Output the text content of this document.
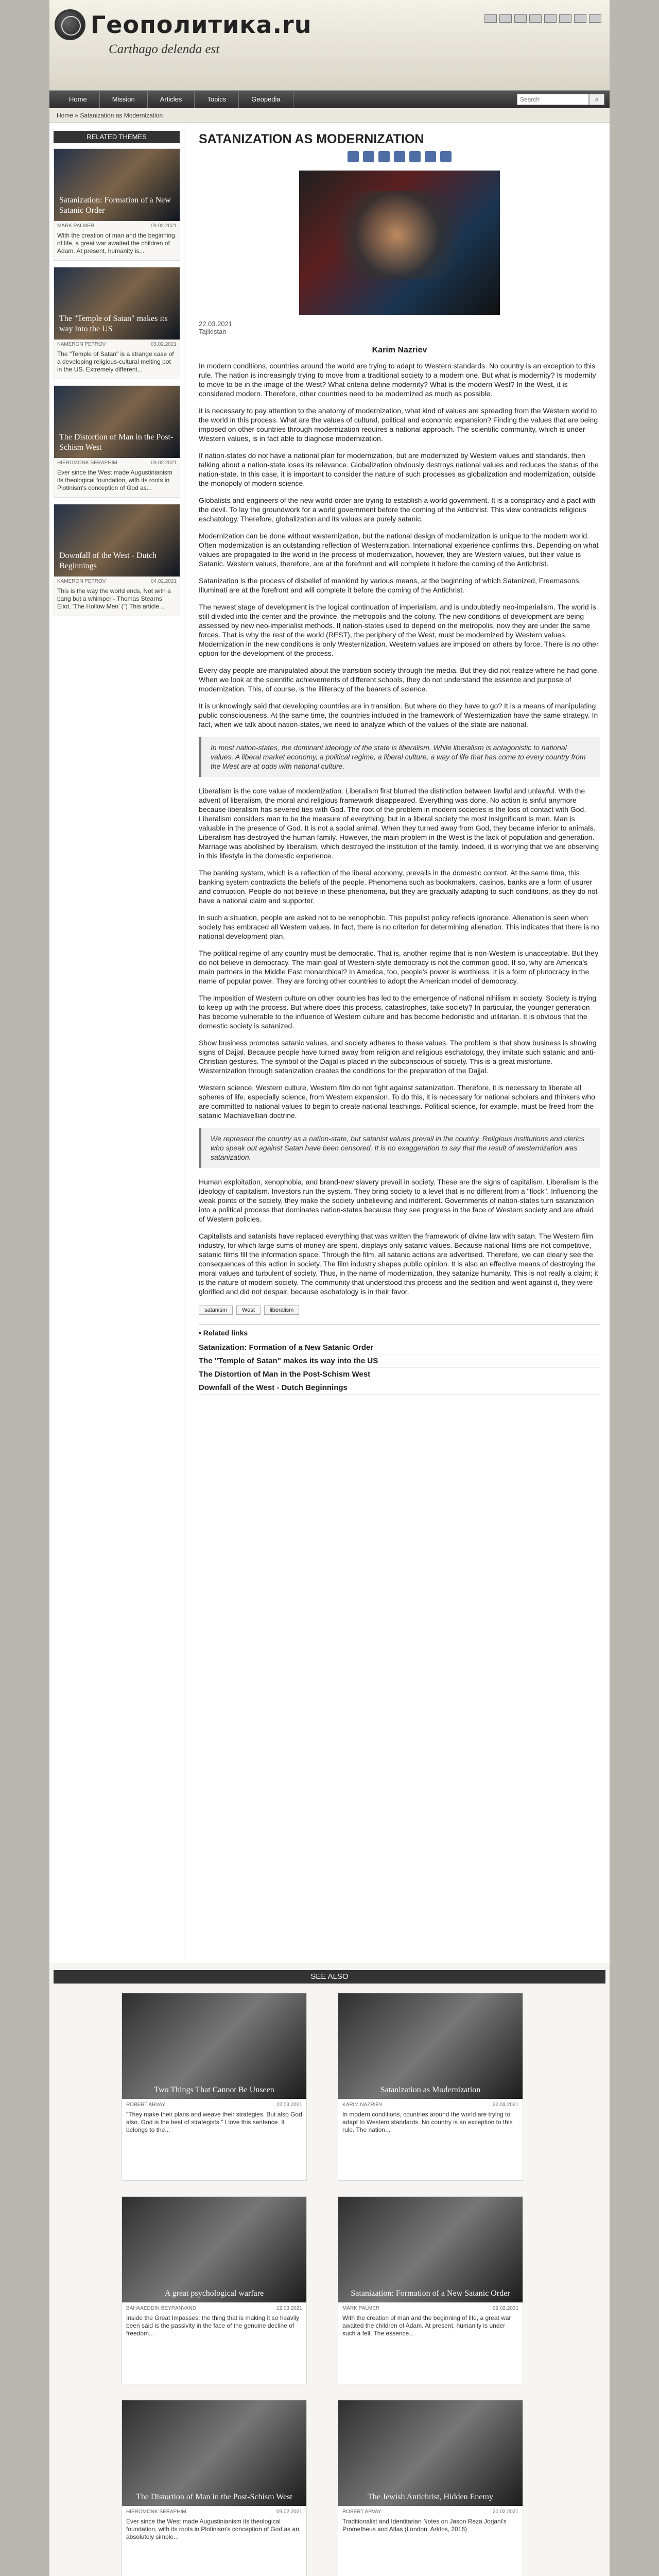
Геополитика.ru
Carthago delenda est
Home	Mission	Articles	Topics	Geopedia
Search	⌕
Home » Satanization as Modernization
RELATED THEMES
Satanization: Formation of a New Satanic Order
MARK PALMER	09.02.2021
With the creation of man and the beginning of life, a great war awaited the children of Adam. At present, humanity is...
The "Temple of Satan" makes its way into the US
KAMERON PETROV	03.02.2021
The "Temple of Satan" is a strange case of a developing religious-cultural melting pot in the US. Extremely different...
The Distortion of Man in the Post-Schism West
HIEROMONK SERAPHIM	09.02.2021
Ever since the West made Augustinianism its theological foundation, with its roots in Plotinism's conception of God as...
Downfall of the West - Dutch Beginnings
KAMERON PETROV	04.02.2021
This is the way the world ends, Not with a bang but a whimper - Thomas Stearns Eliot. 'The Hollow Men' (") This article...
SATANIZATION AS MODERNIZATION
22.03.2021
Tajikistan
Karim Nazriev

In modern conditions, countries around the world are trying to adapt to Western standards. No country is an exception to this rule. The nation is increasingly trying to move from a traditional society to a modern one. But what is modernity? Is modernity to move to be in the image of the West? What criteria define modernity? What is the modern West? In the West, it is considered modern. Therefore, other countries need to be modernized as much as possible.

It is necessary to pay attention to the anatomy of modernization, what kind of values are spreading from the Western world to the world in this process. What are the values of cultural, political and economic expansion? Finding the values that are being imposed on other countries through modernization requires a national approach. The scientific community, which is under Western values, is in fact able to diagnose modernization.

If nation-states do not have a national plan for modernization, but are modernized by Western values and standards, then talking about a nation-state loses its relevance. Globalization obviously destroys national values and reduces the status of the nation-state. In this case, it is important to consider the nature of such processes as globalization and modernization, outside the monopoly of modern science.

Globalists and engineers of the new world order are trying to establish a world government. It is a conspiracy and a pact with the devil. To lay the groundwork for a world government before the coming of the Antichrist. This view contradicts religious eschatology. Therefore, globalization and its values are purely satanic.

Modernization can be done without westernization, but the national design of modernization is unique to the modern world. Often modernization is an outstanding reflection of Westernization. International experience confirms this. Depending on what values are propagated to the world in the process of modernization, however, they are Western values, but their value is Satanic. Western values, therefore, are at the forefront and will complete it before the coming of the Antichrist.

Satanization is the process of disbelief of mankind by various means, at the beginning of which Satanized, Freemasons, Illuminati are at the forefront and will complete it before the coming of the Antichrist.

The newest stage of development is the logical continuation of imperialism, and is undoubtedly neo-imperialism. The world is still divided into the center and the province, the metropolis and the colony. The new conditions of development are being assessed by new neo-imperialist methods. If nation-states used to depend on the metropolis, now they are under the same forces. That is why the rest of the world (REST), the periphery of the West, must be modernized by Western values. Modernization in the new conditions is only Westernization. Western values are imposed on others by force. There is no other option for the development of the process.

Every day people are manipulated about the transition society through the media. But they did not realize where he had gone. When we look at the scientific achievements of different schools, they do not understand the essence and purpose of modernization. This, of course, is the illiteracy of the bearers of science.

It is unknowingly said that developing countries are in transition. But where do they have to go? It is a means of manipulating public consciousness. At the same time, the countries included in the framework of Westernization have the same strategy. In fact, when we talk about nation-states, we need to analyze which of the values of the state are national.

In most nation-states, the dominant ideology of the state is liberalism. While liberalism is antagonistic to national values. A liberal market economy, a political regime, a liberal culture, a way of life that has come to every country from the West are at odds with national culture.

Liberalism is the core value of modernization. Liberalism first blurred the distinction between lawful and unlawful. With the advent of liberalism, the moral and religious framework disappeared. Everything was done. No action is sinful anymore because liberalism has severed ties with God. The root of the problem in modern societies is the loss of contact with God. Liberalism considers man to be the measure of everything, but in a liberal society the most insignificant is man. Man is valuable in the presence of God. It is not a social animal. When they turned away from God, they became inferior to animals. Liberalism has destroyed the human family. However, the main problem in the West is the lack of population and generation. Marriage was abolished by liberalism, which destroyed the institution of the family. Indeed, it is worrying that we are observing in this lifestyle in the domestic experience.

The banking system, which is a reflection of the liberal economy, prevails in the domestic context. At the same time, this banking system contradicts the beliefs of the people. Phenomena such as bookmakers, casinos, banks are a form of usurer and corruption. People do not believe in these phenomena, but they are gradually adapting to such conditions, as they do not have a national claim and supporter.

In such a situation, people are asked not to be xenophobic. This populist policy reflects ignorance. Alienation is seen when society has embraced all Western values. In fact, there is no criterion for determining alienation. This indicates that there is no national development plan.

The political regime of any country must be democratic. That is, another regime that is non-Western is unacceptable. But they do not believe in democracy. The main goal of Western-style democracy is not the common good. If so, why are America's main partners in the Middle East monarchical? In America, too, people's power is worthless. It is a form of plutocracy in the name of popular power. They are forcing other countries to adopt the American model of democracy.

The imposition of Western culture on other countries has led to the emergence of national nihilism in society. Society is trying to keep up with the process. But where does this process, catastrophes, take society? In particular, the younger generation has become vulnerable to the influence of Western culture and has become hedonistic and utilitarian. It is obvious that the domestic society is satanized.

Show business promotes satanic values, and society adheres to these values. The problem is that show business is showing signs of Dajjal. Because people have turned away from religion and religious eschatology, they imitate such satanic and anti-Christian gestures. The symbol of the Dajjal is placed in the subconscious of society. This is a great misfortune. Westernization through satanization creates the conditions for the preparation of the Dajjal.

Western science, Western culture, Western film do not fight against satanization. Therefore, it is necessary to liberate all spheres of life, especially science, from Western expansion. To do this, it is necessary for national scholars and thinkers who are committed to national values to begin to create national teachings. Political science, for example, must be freed from the satanic Machiavellian doctrine.

We represent the country as a nation-state, but satanist values prevail in the country. Religious institutions and clerics who speak out against Satan have been censored. It is no exaggeration to say that the result of westernization was satanization.

Human exploitation, xenophobia, and brand-new slavery prevail in society. These are the signs of capitalism. Liberalism is the ideology of capitalism. Investors run the system. They bring society to a level that is no different from a "flock". Influencing the weak points of the society, they make the society unbelieving and indifferent. Governments of nation-states turn satanization into a political process that dominates nation-states because they see progress in the face of Western society and are afraid of Western policies.

Capitalists and satanists have replaced everything that was written the framework of divine law with satan. The Western film industry, for which large sums of money are spent, displays only satanic values. Because national films are not competitive, satanic films fill the information space. Through the film, all satanic actions are advertised. Therefore, we can clearly see the consequences of this action in society. The film industry shapes public opinion. It is also an effective means of destroying the moral values and turbulent of society. Thus, in the name of modernization, they satanize humanity. This is not really a claim; it is the nature of modern society. The community that understood this process and the sedition and went against it, they were glorified and did not despair, because eschatology is in their favor.

satanism	West	liberalism
• Related links
Satanization: Formation of a New Satanic Order
The "Temple of Satan" makes its way into the US
The Distortion of Man in the Post-Schism West
Downfall of the West - Dutch Beginnings
SEE ALSO
Two Things That Cannot Be Unseen
ROBERT ARVAY	22.03.2021
"They make their plans and weave their strategies. But also God also. God is the best of strategists." I love this sentence. It belongs to the...
Satanization as Modernization
KARIM NAZRIEV	22.03.2021
In modern conditions, countries around the world are trying to adapt to Western standards. No country is an exception to this rule. The nation...
A great psychological warfare
BAHAAEDDIN BEYRANVAND	12.03.2021
Inside the Great Impasses: the thing that is making it so heavily been said is the passivity in the face of the genuine decline of freedom...
Satanization: Formation of a New Satanic Order
MARK PALMER	09.02.2021
With the creation of man and the beginning of life, a great war awaited the children of Adam. At present, humanity is under such a fell. The essence...
The Distortion of Man in the Post-Schism West
HIEROMONK SERAPHIM	09.02.2021
Ever since the West made Augustinianism its theological foundation, with its roots in Plotinism's conception of God as an absolutely simple...
The Jewish Antichrist, Hidden Enemy
ROBERT ARVAY	20.02.2021
Traditionalist and Identitarian Notes on Jason Reza Jorjani's Prometheus and Atlas (London: Arktos, 2016)
